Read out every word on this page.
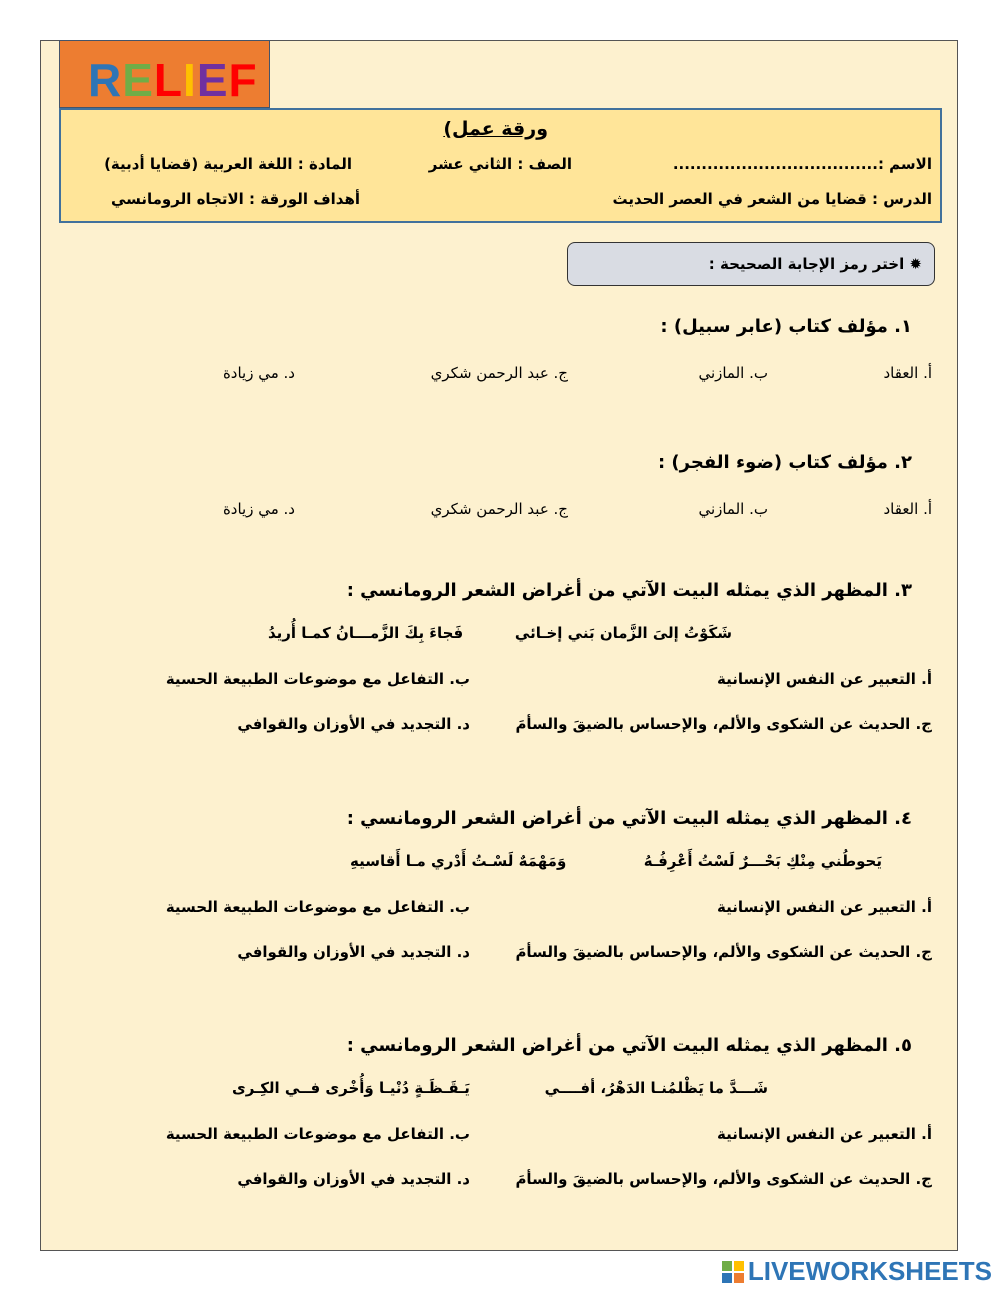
RELIEF
ورقة عمل)
الاسم :....................................
الصف : الثاني عشر
المادة : اللغة العربية (قضايا أدبية)
الدرس : قضايا من الشعر في العصر الحديث
أهداف الورقة : الاتجاه الرومانسي
✹ اختر رمز الإجابة الصحيحة :
١. مؤلف كتاب (عابر سبيل) :
أ. العقاد
ب. المازني
ج. عبد الرحمن شكري
د. مي زيادة
٢. مؤلف كتاب (ضوء الفجر) :
أ. العقاد
ب. المازني
ج. عبد الرحمن شكري
د. مي زيادة
٣. المظهر الذي يمثله البيت الآتي من أغراض الشعر الرومانسي :
شَكَوْتُ إلىَ الزَّمان بَني إخـائي
فَجاءَ بِكَ الزَّمـــانُ كمـا أُريدُ
أ. التعبير عن النفس الإنسانية
ب. التفاعل مع موضوعات الطبيعة الحسية
ج. الحديث عن الشكوى والألم، والإحساس بالضيقَ والسأمَ
د. التجديد في الأوزان والقوافي
٤. المظهر الذي يمثله البيت الآتي من أغراض الشعر الرومانسي :
يَحوطُني مِنْكِ بَحْـــرٌ لَسْتُ أَعْرِفُـهُ
وَمَهْمَهٌ لَسْـتُ أَدْري مـا أَقاسيهِ
أ. التعبير عن النفس الإنسانية
ب. التفاعل مع موضوعات الطبيعة الحسية
ج. الحديث عن الشكوى والألم، والإحساس بالضيقَ والسأمَ
د. التجديد في الأوزان والقوافي
٥. المظهر الذي يمثله البيت الآتي من أغراض الشعر الرومانسي :
شَـــدَّ ما يَظْلمُنـا الدَهْرُ، أفــــي
يَـقَـظَـةٍ دُنْيـا وَأُخْرى فــي الكِـرى
أ. التعبير عن النفس الإنسانية
ب. التفاعل مع موضوعات الطبيعة الحسية
ج. الحديث عن الشكوى والألم، والإحساس بالضيقَ والسأمَ
د. التجديد في الأوزان والقوافي
LIVEWORKSHEETS
